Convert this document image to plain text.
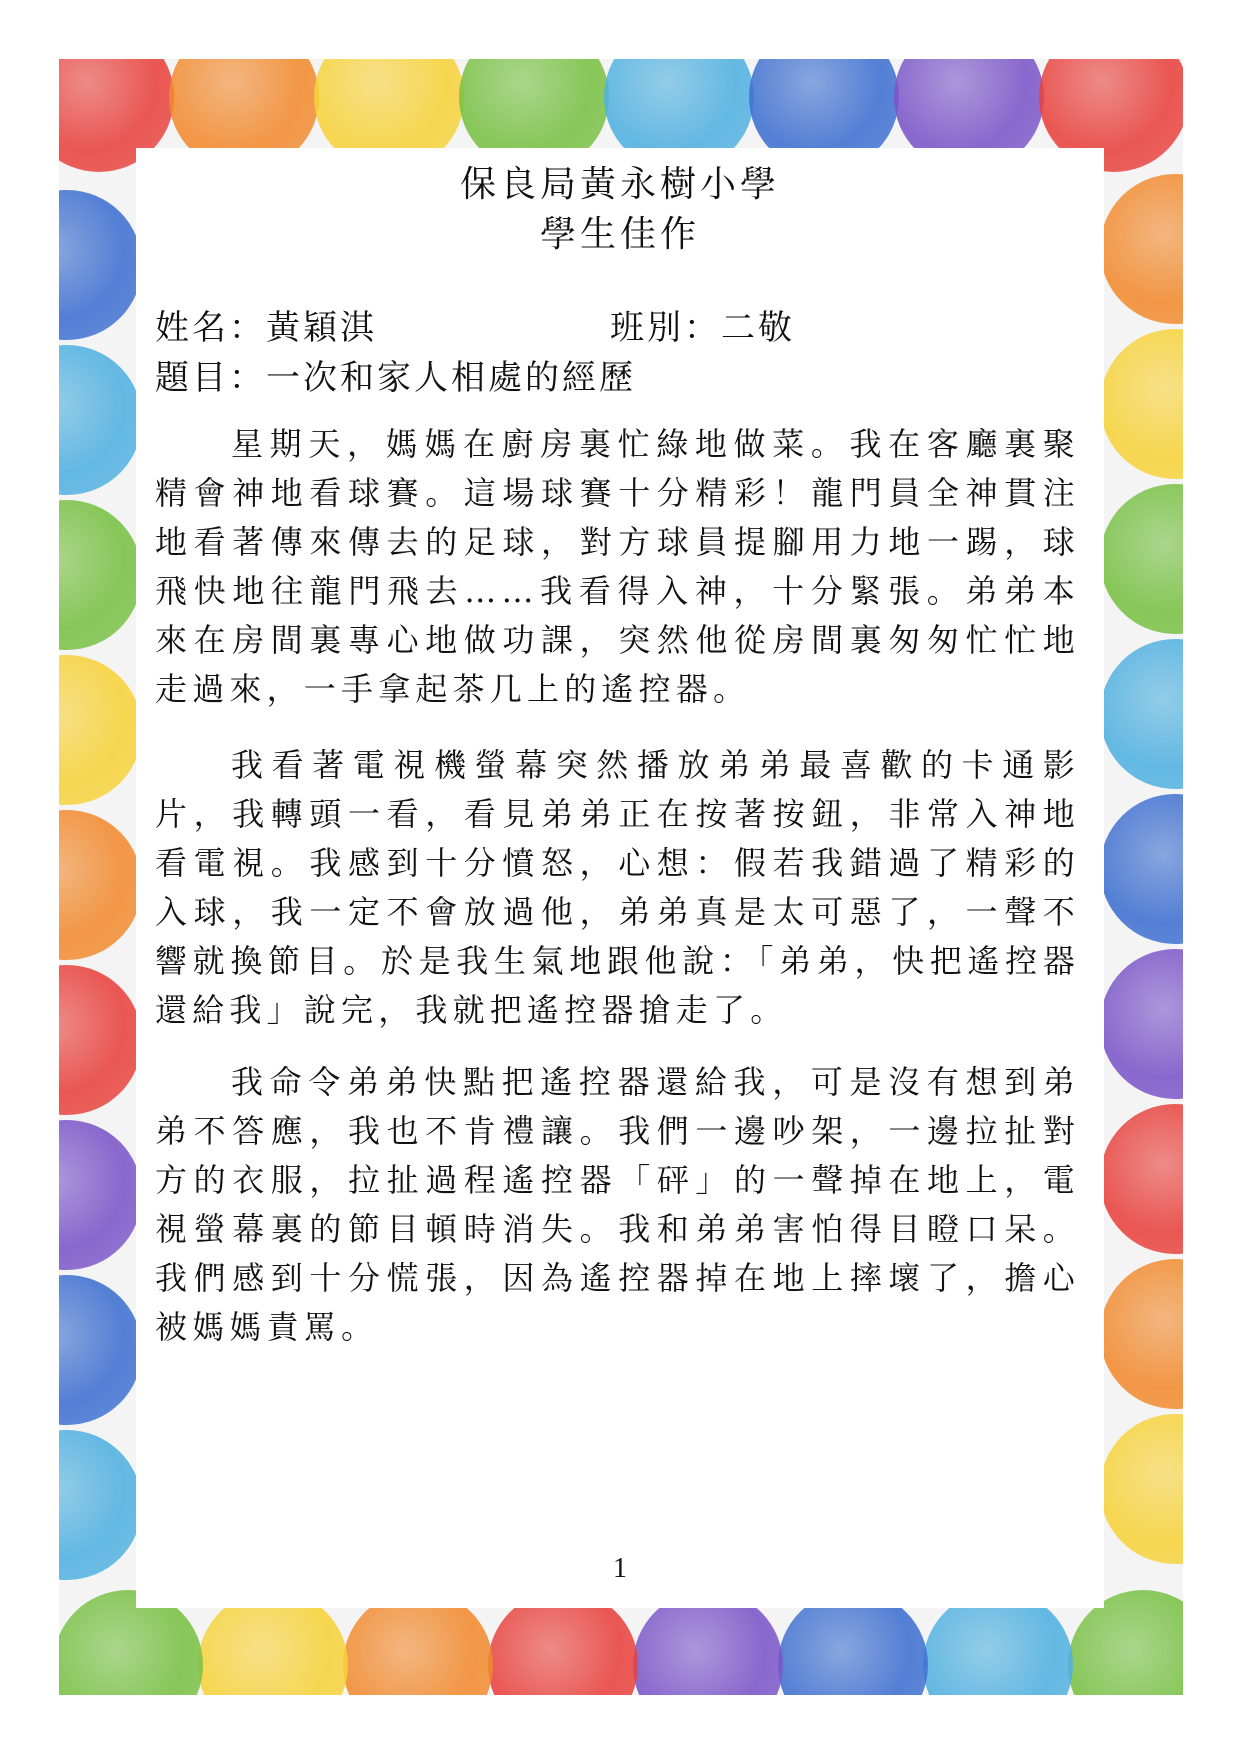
保良局黃永樹小學
學生佳作
姓名：黃穎淇	班別：二敬
題目：一次和家人相處的經歷

星期天，媽媽在廚房裏忙綠地做菜。我在客廳裏聚精會神地看球賽。這場球賽十分精彩！龍門員全神貫注地看著傳來傳去的足球，對方球員提腳用力地一踢，球飛快地往龍門飛去……我看得入神，十分緊張。弟弟本來在房間裏專心地做功課，突然他從房間裏匆匆忙忙地走過來，一手拿起茶几上的遙控器。

我看著電視機螢幕突然播放弟弟最喜歡的卡通影片，我轉頭一看，看見弟弟正在按著按鈕，非常入神地看電視。我感到十分憤怒，心想：假若我錯過了精彩的入球，我一定不會放過他，弟弟真是太可惡了，一聲不響就換節目。於是我生氣地跟他說：「弟弟，快把遙控器還給我」說完，我就把遙控器搶走了。

我命令弟弟快點把遙控器還給我，可是沒有想到弟弟不答應，我也不肯禮讓。我們一邊吵架，一邊拉扯對方的衣服，拉扯過程遙控器「砰」的一聲掉在地上，電視螢幕裏的節目頓時消失。我和弟弟害怕得目瞪口呆。我們感到十分慌張，因為遙控器掉在地上摔壞了，擔心被媽媽責罵。

1
